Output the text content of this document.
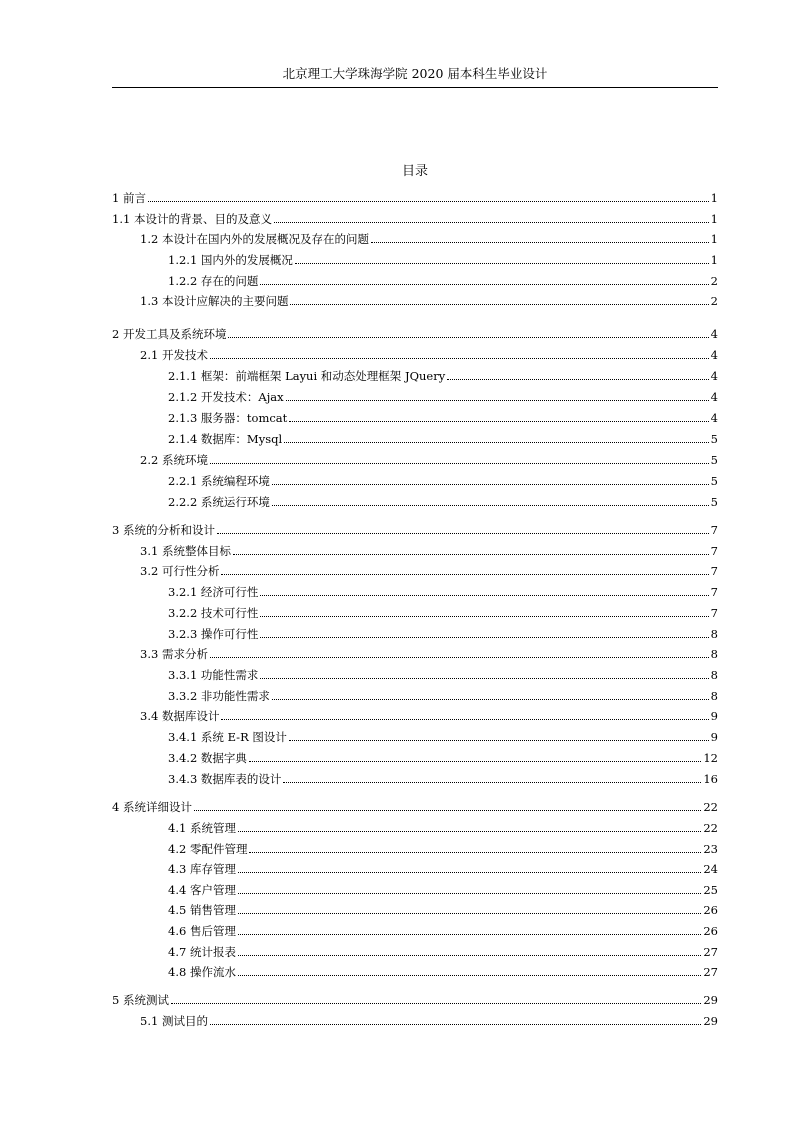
北京理工大学珠海学院 2020 届本科生毕业设计
目录
1 前言	1
1.1 本设计的背景、目的及意义	1
1.2 本设计在国内外的发展概况及存在的问题	1
1.2.1 国内外的发展概况	1
1.2.2 存在的问题	2
1.3 本设计应解决的主要问题	2
2 开发工具及系统环境	4
2.1 开发技术	4
2.1.1 框架：前端框架 Layui 和动态处理框架 JQuery	4
2.1.2 开发技术：Ajax	4
2.1.3 服务器：tomcat	4
2.1.4 数据库：Mysql	5
2.2 系统环境	5
2.2.1 系统编程环境	5
2.2.2 系统运行环境	5
3 系统的分析和设计	7
3.1 系统整体目标	7
3.2 可行性分析	7
3.2.1 经济可行性	7
3.2.2 技术可行性	7
3.2.3 操作可行性	8
3.3 需求分析	8
3.3.1 功能性需求	8
3.3.2 非功能性需求	8
3.4 数据库设计	9
3.4.1 系统 E-R 图设计	9
3.4.2 数据字典	12
3.4.3 数据库表的设计	16
4 系统详细设计	22
4.1 系统管理	22
4.2 零配件管理	23
4.3 库存管理	24
4.4 客户管理	25
4.5 销售管理	26
4.6 售后管理	26
4.7 统计报表	27
4.8 操作流水	27
5 系统测试	29
5.1 测试目的	29
